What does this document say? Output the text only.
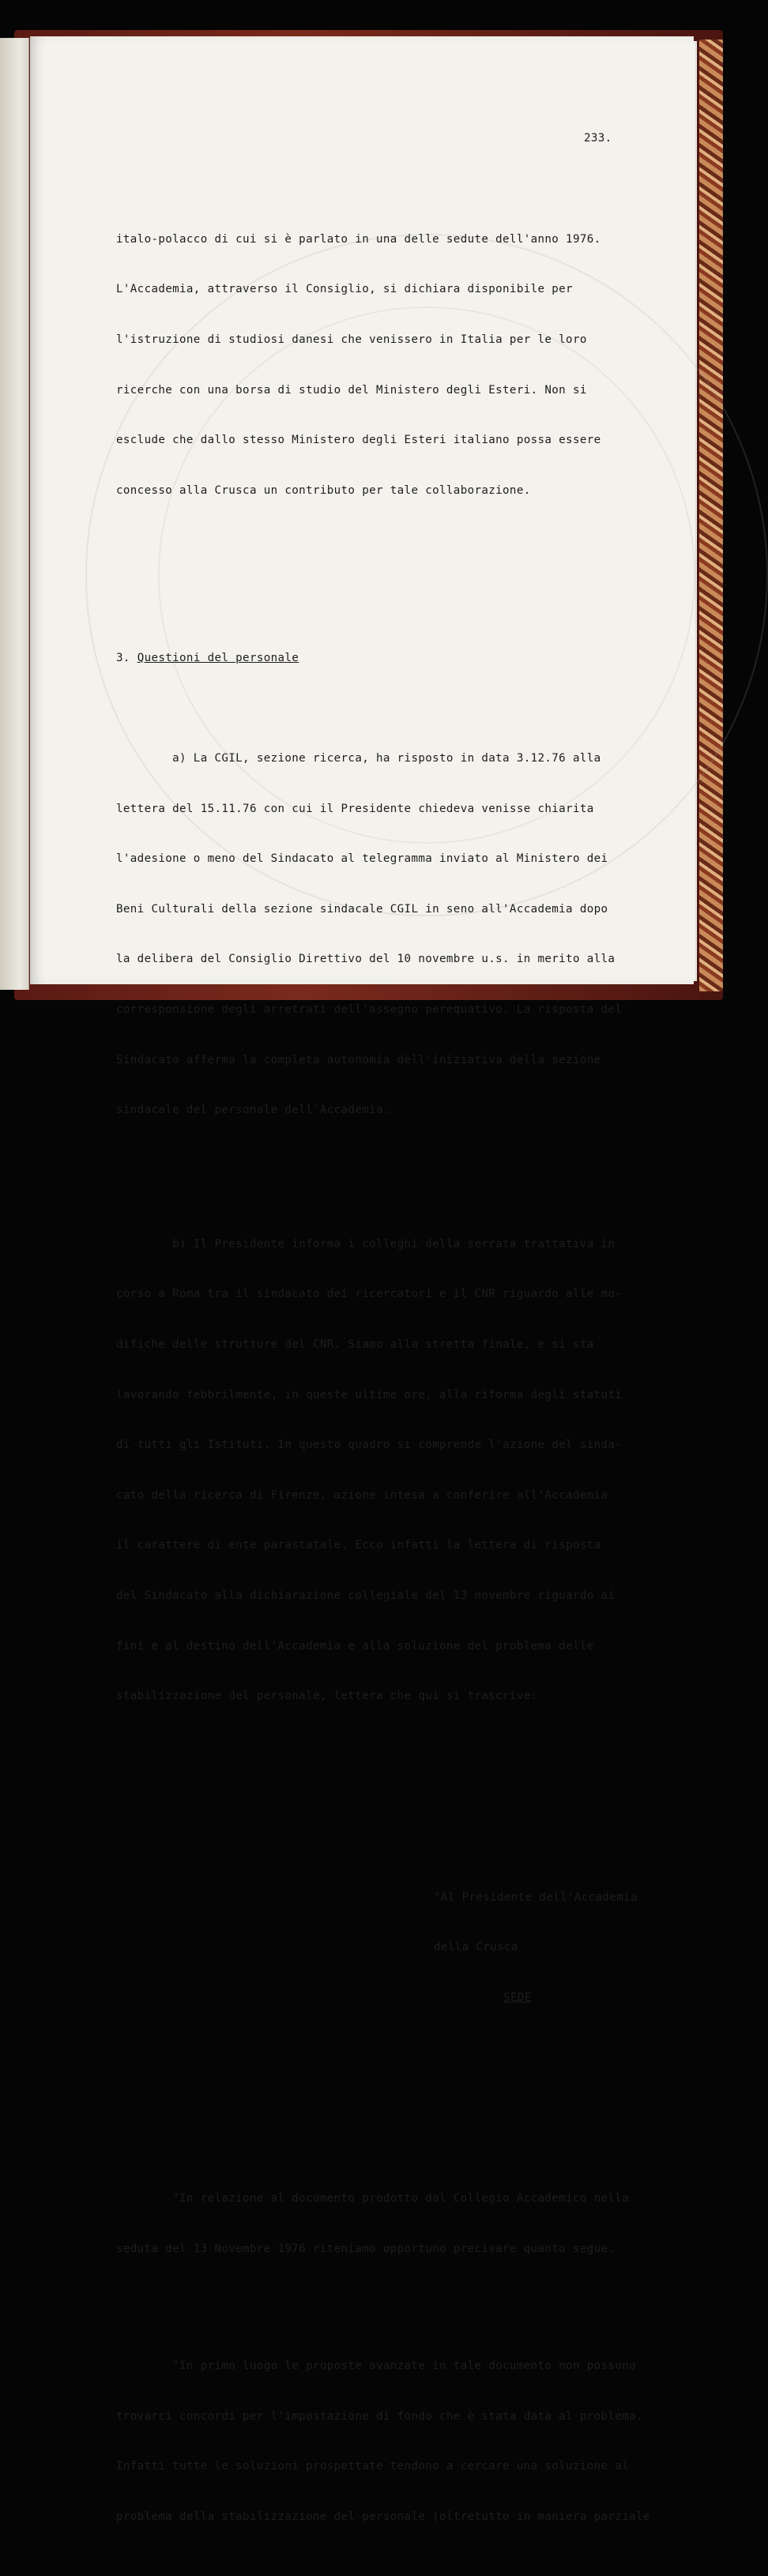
233.

italo-polacco di cui si è parlato in una delle sedute dell'anno 1976.

L'Accademia, attraverso il Consiglio, si dichiara disponibile per

l'istruzione di studiosi danesi che venissero in Italia per le loro

ricerche con una borsa di studio del Ministero degli Esteri. Non si

esclude che dallo stesso Ministero degli Esteri italiano possa essere

concesso alla Crusca un contributo per tale collaborazione.

3. Questioni del personale

a) La CGIL, sezione ricerca, ha risposto in data 3.12.76 alla

lettera del 15.11.76 con cui il Presidente chiedeva venisse chiarita

l'adesione o meno del Sindacato al telegramma inviato al Ministero dei

Beni Culturali della sezione sindacale CGIL in seno all'Accademia dopo

la delibera del Consiglio Direttivo del 10 novembre u.s. in merito alla

corresponsione degli arretrati dell'assegno perequativo. La risposta del

Sindacato afferma la completa autonomia dell'iniziativa della sezione

sindacale del personale dell'Accademia.

b) Il Presidente informa i colleghi della serrata trattativa in

corso a Roma tra il sindacato dei ricercatori e il CNR riguardo alle mo-

difiche delle strutture del CNR. Siamo alla stretta finale, e si sta

lavorando febbrilmente, in queste ultime ore, alla riforma degli statuti

di tutti gli Istituti. In questo quadro si comprende l'azione del sinda-

cato della ricerca di Firenze, azione intesa a conferire all'Accademia

il carattere di ente parastatale. Ecco infatti la lettera di risposta

del Sindacato alla dichiarazione collegiale del 13 novembre riguardo ai

fini e al destino dell'Accademia e alla soluzione del problema delle

stabilizzazione del personale, lettera che qui si trascrive:

"Al Presidente dell'Accademia

della Crusca

SEDE

"In relazione al documento prodotto dal Collegio Accademico nella

seduta del 13 Novembre 1976 riteniamo opportuno precisare quanto segue.

"In primo luogo le proposte avanzate in tale documento non possono

trovarci concordi per l'impostazione di fondo che è stata data al problema.

Infatti tutte le soluzioni prospettate tendono a cercare una soluzione al

problema della stabilizzazione del personale (oltretutto in maniera parziale
